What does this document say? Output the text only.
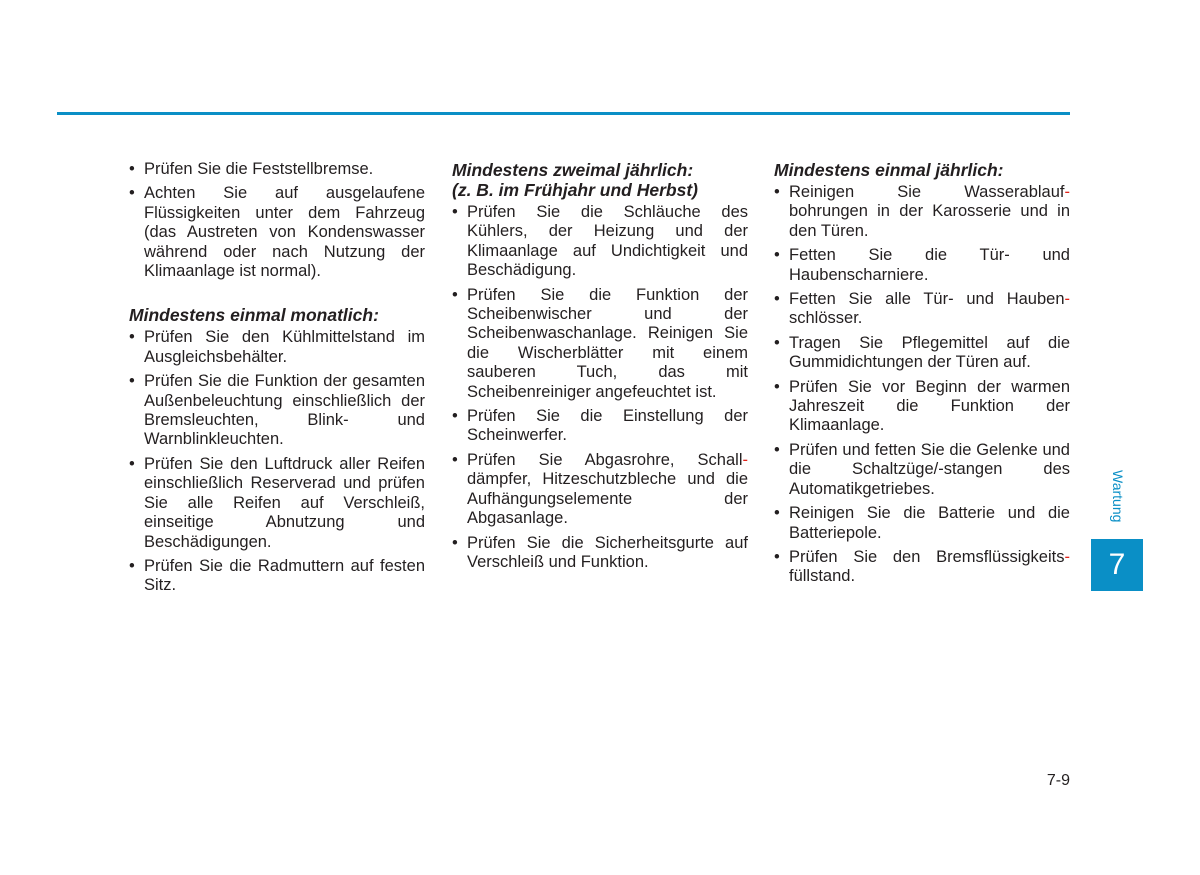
• Prüfen Sie die Feststellbremse.
• Achten Sie auf ausgelaufene Flüssigkeiten unter dem Fahrzeug (das Austreten von Kondenswasser während oder nach Nutzung der Klimaanlage ist normal).
Mindestens einmal monatlich:
• Prüfen Sie den Kühlmittelstand im Ausgleichsbehälter.
• Prüfen Sie die Funktion der gesamten Außenbeleuchtung einschließlich der Bremsleuchten, Blink- und Warnblinkleuchten.
• Prüfen Sie den Luftdruck aller Reifen einschließlich Reserverad und prüfen Sie alle Reifen auf Verschleiß, einseitige Abnutzung und Beschädigungen.
• Prüfen Sie die Radmuttern auf festen Sitz.
Mindestens zweimal jährlich:
(z. B. im Frühjahr und Herbst)
• Prüfen Sie die Schläuche des Kühlers, der Heizung und der Klimaanlage auf Undichtigkeit und Beschädigung.
• Prüfen Sie die Funktion der Scheibenwischer und der Scheibenwaschanlage. Reinigen Sie die Wischerblätter mit einem sauberen Tuch, das mit Scheibenreiniger angefeuchtet ist.
• Prüfen Sie die Einstellung der Scheinwerfer.
• Prüfen Sie Abgasrohre, Schall-dämpfer, Hitzeschutzbleche und die Aufhängungselemente der Abgasanlage.
• Prüfen Sie die Sicherheitsgurte auf Verschleiß und Funktion.
Mindestens einmal jährlich:
• Reinigen Sie Wasserablauf-bohrungen in der Karosserie und in den Türen.
• Fetten Sie die Tür- und Haubenscharniere.
• Fetten Sie alle Tür- und Hauben-schlösser.
• Tragen Sie Pflegemittel auf die Gummidichtungen der Türen auf.
• Prüfen Sie vor Beginn der warmen Jahreszeit die Funktion der Klimaanlage.
• Prüfen und fetten Sie die Gelenke und die Schaltzüge/-stangen des Automatikgetriebes.
• Reinigen Sie die Batterie und die Batteriepole.
• Prüfen Sie den Bremsflüssigkeits-füllstand.
Wartung
7
7-9
